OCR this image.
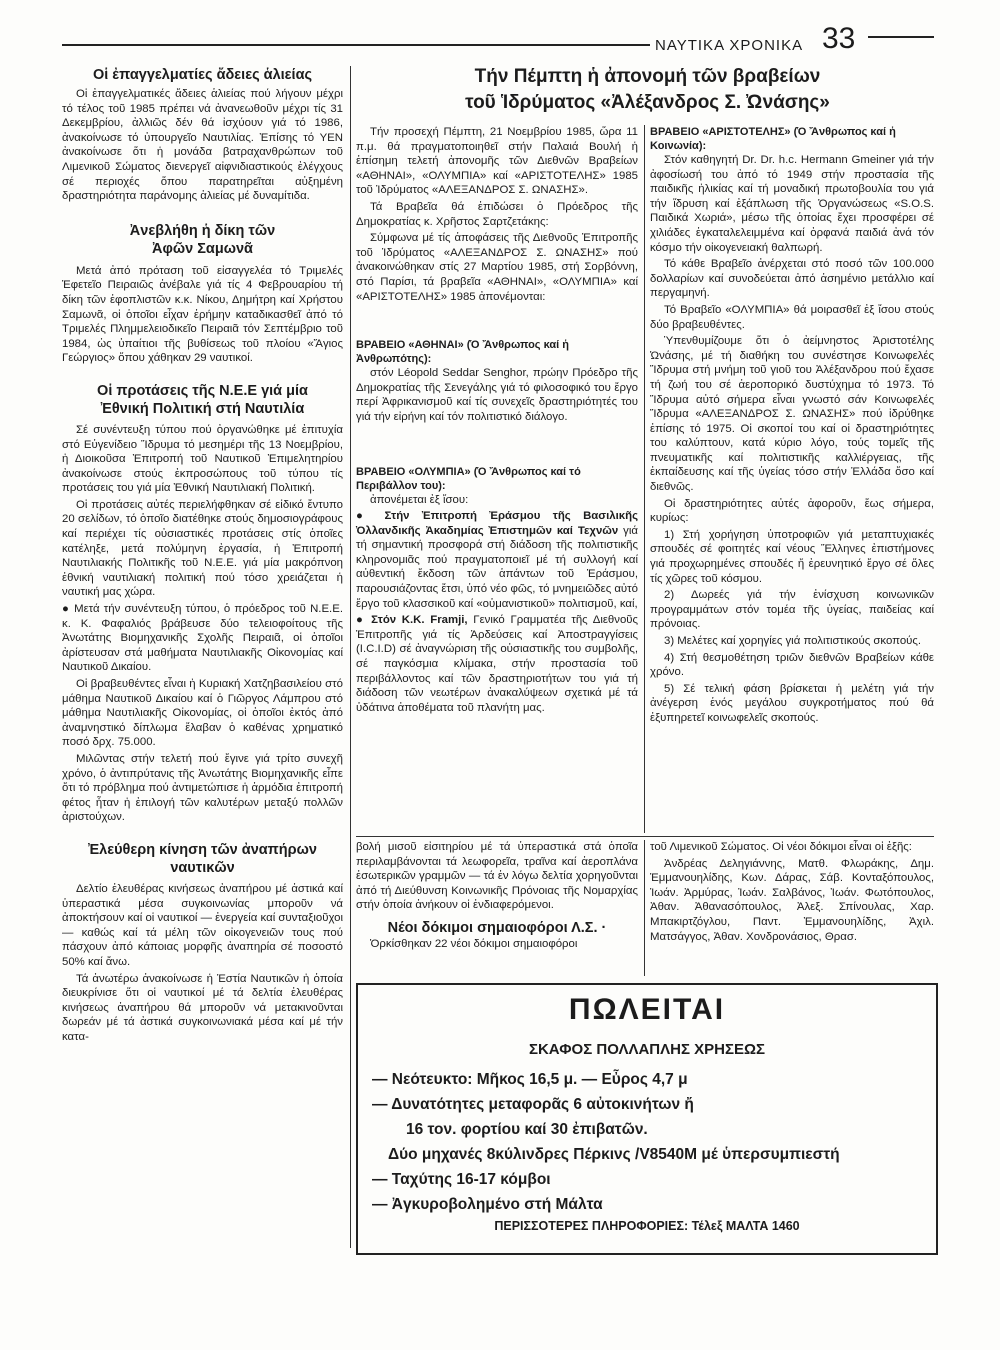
ΝΑΥΤΙΚΑ ΧΡΟΝΙΚΑ 33
Οἱ ἐπαγγελματίες ἄδειες ἁλιείας

Οἱ ἐπαγγελματικές ἄδειες ἁλιείας πού λήγουν μέχρι τό τέλος τοῦ 1985 πρέπει νά ἀνανεωθοῦν μέχρι τίς 31 Δεκεμβρίου, ἀλλιῶς δέν θά ἰσχύουν γιά τό 1986, ἀνακοίνωσε τό ὑπουργεῖο Ναυτιλίας. Ἐπίσης τό ΥΕΝ ἀνακοίνωσε ὅτι ἡ μονάδα βατραχανθρώπων τοῦ Λιμενικοῦ Σώματος διενεργεῖ αἰφνιδιαστικούς ἐλέγχους σέ περιοχές ὅπου παρατηρεῖται αὐξημένη δραστηριότητα παράνομης ἁλιείας μέ δυναμίτιδα.

Ἀνεβλήθη ἡ δίκη τῶν
Ἀφῶν Σαμωνᾶ

Μετά ἀπό πρόταση τοῦ εἰσαγγελέα τό Τριμελές Ἐφετεῖο Πειραιῶς ἀνέβαλε γιά τίς 4 Φεβρουαρίου τή δίκη τῶν ἐφοπλιστῶν κ.κ. Νίκου, Δημήτρη καί Χρήστου Σαμωνᾶ, οἱ ὁποῖοι εἶχαν ἐρήμην καταδικασθεῖ ἀπό τό Τριμελές Πλημμελειοδικεῖο Πειραιᾶ τόν Σεπτέμβριο τοῦ 1984, ὡς ὑπαίτιοι τῆς βυθίσεως τοῦ πλοίου «Ἅγιος Γεώργιος» ὅπου χάθηκαν 29 ναυτικοί.

Οἱ προτάσεις τῆς Ν.Ε.Ε γιά μία
Ἐθνική Πολιτική στή Ναυτιλία

Σέ συνέντευξη τύπου πού ὀργανώθηκε μέ ἐπιτυχία στό Εὐγενίδειο Ἵδρυμα τό μεσημέρι τῆς 13 Νοεμβρίου, ἡ Διοικοῦσα Ἐπιτροπή τοῦ Ναυτικοῦ Ἐπιμελητηρίου ἀνακοίνωσε στούς ἐκπροσώπους τοῦ τύπου τίς προτάσεις του γιά μία Ἐθνική Ναυτιλιακή Πολιτική.

Οἱ προτάσεις αὐτές περιελήφθηκαν σέ εἰδικό ἔντυπο 20 σελίδων, τό ὁποῖο διατέθηκε στούς δημοσιογράφους καί περιέχει τίς οὐσιαστικές προτάσεις στίς ὁποῖες κατέληξε, μετά πολύμηνη ἐργασία, ἡ Ἐπιτροπή Ναυτιλιακής Πολιτικῆς τοῦ Ν.Ε.Ε. γιά μία μακρόπνοη ἐθνική ναυτιλιακή πολιτική πού τόσο χρειάζεται ἡ ναυτική μας χώρα.

● Μετά τήν συνέντευξη τύπου, ὁ πρόεδρος τοῦ Ν.Ε.Ε. κ. Κ. Φαφαλιός βράβευσε δύο τελειοφοίτους τῆς Ἀνωτάτης Βιομηχανικῆς Σχολῆς Πειραιᾶ, οἱ ὁποῖοι ἀρίστευσαν στά μαθήματα Ναυτιλιακῆς Οἰκονομίας καί Ναυτικοῦ Δικαίου.

Οἱ βραβευθέντες εἶναι ἡ Κυριακή Χατζηβασιλείου στό μάθημα Ναυτικοῦ Δικαίου καί ὁ Γιῶργος Λάμπρου στό μάθημα Ναυτιλιακῆς Οἰκονομίας, οἱ ὁποῖοι ἐκτός ἀπό ἀναμνηστικό δίπλωμα ἔλαβαν ὁ καθένας χρηματικό ποσό δρχ. 75.000.

Μιλῶντας στήν τελετή πού ἔγινε γιά τρίτο συνεχῆ χρόνο, ὁ ἀντιπρύτανις τῆς Ἀνωτάτης Βιομηχανικῆς εἶπε ὅτι τό πρόβλημα πού ἀντιμετώπισε ἡ ἁρμόδια ἐπιτροπή φέτος ἦταν ἡ ἐπιλογή τῶν καλυτέρων μεταξύ πολλῶν ἀριστούχων.

Ἐλεύθερη κίνηση τῶν ἀναπήρων
ναυτικῶν

Δελτίο ἐλευθέρας κινήσεως ἀναπήρου μέ ἀστικά καί ὑπεραστικά μέσα συγκοινωνίας μποροῦν νά ἀποκτήσουν καί οἱ ναυτικοί — ἐνεργεία καί συνταξιοῦχοι — καθώς καί τά μέλη τῶν οἰκογενειῶν τους πού πάσχουν ἀπό κάποιας μορφῆς ἀναπηρία σέ ποσοστό 50% καί ἄνω.

Τά ἀνωτέρω ἀνακοίνωσε ἡ Ἑστία Ναυτικῶν ἡ ὁποία διευκρίνισε ὅτι οἱ ναυτικοί μέ τά δελτία ἐλευθέρας κινήσεως ἀναπήρου θά μποροῦν νά μετακινοῦνται δωρεάν μέ τά ἀστικά συγκοινωνιακά μέσα καί μέ τήν κατα-

Τήν Πέμπτη ἡ ἀπονομή τῶν βραβείων
τοῦ Ἱδρύματος «Ἀλέξανδρος Σ. Ὠνάσης»

Τήν προσεχή Πέμπτη, 21 Νοεμβρίου 1985, ὥρα 11 π.μ. θά πραγματοποιηθεῖ στήν Παλαιά Βουλή ἡ ἐπίσημη τελετή ἀπονομῆς τῶν Διεθνῶν Βραβείων «ΑΘΗΝΑΙ», «ΟΛΥΜΠΙΑ» καί «ΑΡΙΣΤΟΤΕΛΗΣ» 1985 τοῦ Ἱδρύματος «ΑΛΕΞΑΝΔΡΟΣ Σ. ΩΝΑΣΗΣ».

Τά Βραβεῖα θά ἐπιδώσει ὁ Πρόεδρος τῆς Δημοκρατίας κ. Χρῆστος Σαρτζετάκης:

Σύμφωνα μέ τίς ἀποφάσεις τῆς Διεθνοῦς Ἐπιτροπῆς τοῦ Ἱδρύματος «ΑΛΕΞΑΝΔΡΟΣ Σ. ΩΝΑΣΗΣ» πού ἀνακοινώθηκαν στίς 27 Μαρτίου 1985, στή Σορβόννη, στό Παρίσι, τά βραβεῖα «ΑΘΗΝΑΙ», «ΟΛΥΜΠΙΑ» καί «ΑΡΙΣΤΟΤΕΛΗΣ» 1985 ἀπονέμονται:

ΒΡΑΒΕΙΟ «ΑΘΗΝΑΙ» (Ὁ Ἄνθρωπος καί ἡ Ἀνθρωπότης):

στόν Léopold Seddar Senghor, πρώην Πρόεδρο τῆς Δημοκρατίας τῆς Σενεγάλης γιά τό φιλοσοφικό του ἔργο περί Ἀφρικανισμοῦ καί τίς συνεχεῖς δραστηριότητές του γιά τήν εἰρήνη καί τόν πολιτιστικό διάλογο.

ΒΡΑΒΕΙΟ «ΟΛΥΜΠΙΑ» (Ὁ Ἄνθρωπος καί τό Περιβάλλον του):

ἀπονέμεται ἐξ ἴσου:

● Στήν Ἐπιτροπή Ἐράσμου τῆς Βασιλικῆς Ὀλλανδικῆς Ἀκαδημίας Ἐπιστημῶν καί Τεχνῶν γιά τή σημαντική προσφορά στή διάδοση τῆς πολιτιστικῆς κληρονομιᾶς πού πραγματοποιεῖ μέ τή συλλογή καί αὐθεντική ἔκδοση τῶν ἁπάντων τοῦ Ἐράσμου, παρουσιάζοντας ἔτσι, ὑπό νέο φῶς, τό μνημειῶδες αὐτό ἔργο τοῦ κλασσικοῦ καί «οὑμανιστικοῦ» πολιτισμοῦ, καί,

● Στόν Κ.Κ. Framji, Γενικό Γραμματέα τῆς Διεθνοῦς Ἐπιτροπῆς γιά τίς Ἀρδεύσεις καί Ἀποστραγγίσεις (I.C.I.D) σέ ἀναγνώριση τῆς οὐσιαστικῆς του συμβολῆς, σέ παγκόσμια κλίμακα, στήν προστασία τοῦ περιβάλλοντος καί τῶν δραστηριοτήτων του γιά τή διάδοση τῶν νεωτέρων ἀνακαλύψεων σχετικά μέ τά ὑδάτινα ἀποθέματα τοῦ πλανήτη μας.

ΒΡΑΒΕΙΟ «ΑΡΙΣΤΟΤΕΛΗΣ» (Ὁ Ἄνθρωπος καί ἡ Κοινωνία):

Στόν καθηγητή Dr. Dr. h.c. Hermann Gmeiner γιά τήν ἀφοσίωσή του ἀπό τό 1949 στήν προστασία τῆς παιδικῆς ἡλικίας καί τή μοναδική πρωτοβουλία του γιά τήν ἵδρυση καί ἐξάπλωση τῆς Ὀργανώσεως «S.O.S. Παιδικά Χωριά», μέσω τῆς ὁποίας ἔχει προσφέρει σέ χιλιάδες ἐγκαταλελειμμένα καί ὀρφανά παιδιά ἀνά τόν κόσμο τήν οἰκογενειακή θαλπωρή.

Τό κάθε Βραβεῖο ἀνέρχεται στό ποσό τῶν 100.000 δολλαρίων καί συνοδεύεται ἀπό ἀσημένιο μετάλλιο καί περγαμηνή.

Τό Βραβεῖο «ΟΛΥΜΠΙΑ» θά μοιρασθεῖ ἐξ ἴσου στούς δύο βραβευθέντες.

Ὑπενθυμίζουμε ὅτι ὁ ἀείμνηστος Ἀριστοτέλης Ὠνάσης, μέ τή διαθήκη του συνέστησε Κοινωφελές Ἵδρυμα στή μνήμη τοῦ γιοῦ του Ἀλέξανδρου πού ἔχασε τή ζωή του σέ ἀεροπορικό δυστύχημα τό 1973. Τό Ἵδρυμα αὐτό σήμερα εἶναι γνωστό σάν Κοινωφελές Ἵδρυμα «ΑΛΕΞΑΝΔΡΟΣ Σ. ΩΝΑΣΗΣ» πού ἱδρύθηκε ἐπίσης τό 1975. Οἱ σκοποί του καί οἱ δραστηριότητες του καλύπτουν, κατά κύριο λόγο, τούς τομεῖς τῆς πνευματικῆς καί πολιτιστικῆς καλλιέργειας, τῆς ἐκπαίδευσης καί τῆς ὑγείας τόσο στήν Ἑλλάδα ὅσο καί διεθνῶς.

Οἱ δραστηριότητες αὐτές ἀφοροῦν, ἕως σήμερα, κυρίως:

1) Στή χορήγηση ὑποτροφιῶν γιά μεταπτυχιακές σπουδές σέ φοιτητές καί νέους Ἕλληνες ἐπιστήμονες γιά προχωρημένες σπουδές ἤ ἐρευνητικό ἔργο σέ ὅλες τίς χῶρες τοῦ κόσμου.

2) Δωρεές γιά τήν ἐνίσχυση κοινωνικῶν προγραμμάτων στόν τομέα τῆς ὑγείας, παιδείας καί πρόνοιας.

3) Μελέτες καί χορηγίες γιά πολιτιστικούς σκοπούς.

4) Στή θεσμοθέτηση τριῶν διεθνῶν Βραβείων κάθε χρόνο.

5) Σέ τελική φάση βρίσκεται ἡ μελέτη γιά τήν ἀνέγερση ἑνός μεγάλου συγκροτήματος πού θά ἐξυπηρετεῖ κοινωφελεῖς σκοπούς.

βολή μισοῦ εἰσιτηρίου μέ τά ὑπεραστικά στά ὁποῖα περιλαμβάνονται τά λεωφορεῖα, τραῖνα καί ἀεροπλάνα ἐσωτερικῶν γραμμῶν — τά ἐν λόγω δελτία χορηγοῦνται ἀπό τή Διεύθυνση Κοινωνικῆς Πρόνοιας τῆς Νομαρχίας στήν ὁποία ἀνήκουν οἱ ἐνδιαφερόμενοι.

Νέοι δόκιμοι σημαιοφόροι Λ.Σ. ·

Ὁρκίσθηκαν 22 νέοι δόκιμοι σημαιοφόροι

τοῦ Λιμενικοῦ Σώματος. Οἱ νέοι δόκιμοι εἶναι οἱ ἑξῆς:

Ἀνδρέας Δεληγιάννης, Ματθ. Φλωράκης, Δημ. Ἐμμανουηλίδης, Κων. Δάρας, Σάβ. Κονταξόπουλος, Ἰωάν. Ἀρμύρας, Ἰωάν. Σαλβάνος, Ἰωάν. Φωτόπουλος, Ἀθαν. Ἀθανασόπουλος, Ἀλεξ. Σπίνουλας, Χαρ. Μπακιρτζόγλου, Παντ. Ἐμμανουηλίδης, Ἀχιλ. Ματσάγγος, Ἀθαν. Χονδρονάσιος, Θρασ.

ΠΩΛΕΙΤΑΙ
ΣΚΑΦΟΣ ΠΟΛΛΑΠΛΗΣ ΧΡΗΣΕΩΣ
— Νεότευκτο: Μῆκος 16,5 μ. — Εὖρος 4,7 μ
— Δυνατότητες μεταφορᾶς 6 αὐτοκινήτων ἤ
16 τον. φορτίου καί 30 ἐπιβατῶν.
Δύο μηχανές 8κύλινδρες Πέρκινς /V8540M μέ ὑπερσυμπιεστή
— Ταχύτης 16-17 κόμβοι
— Ἀγκυροβολημένο στή Μάλτα
ΠΕΡΙΣΣΟΤΕΡΕΣ ΠΛΗΡΟΦΟΡΙΕΣ: Τέλεξ ΜΑΛΤΑ 1460
